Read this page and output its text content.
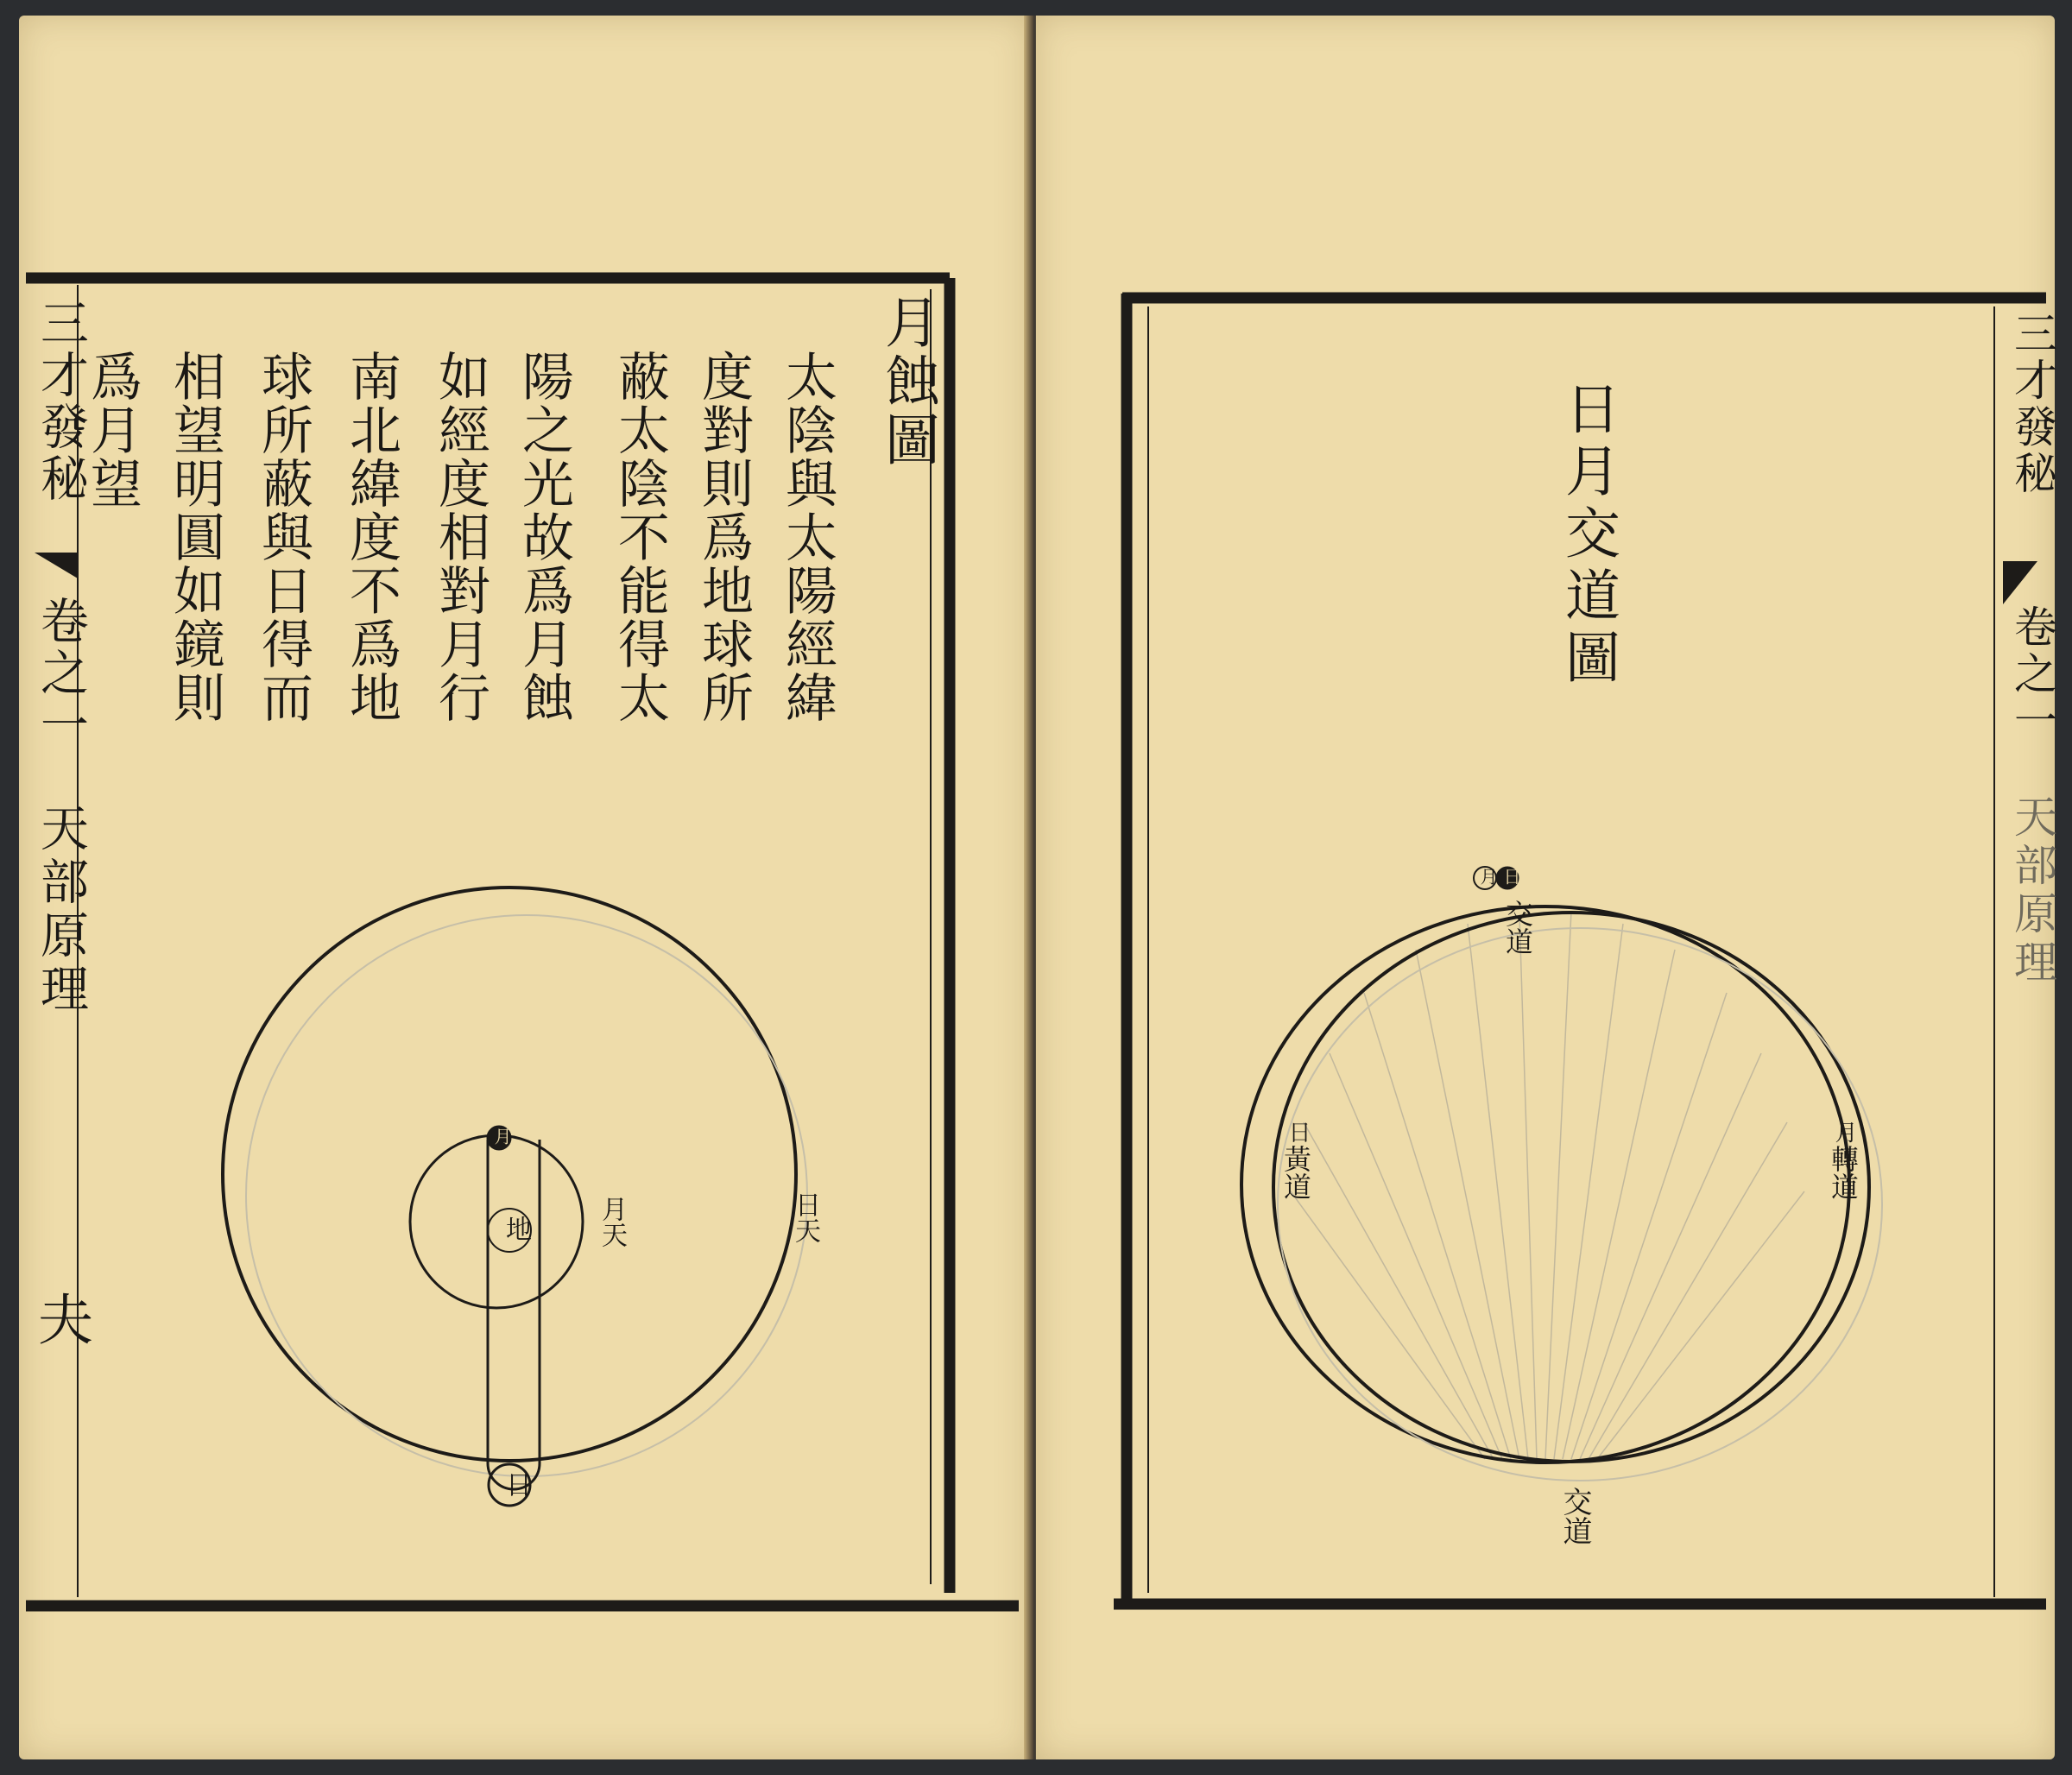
三才發秘
卷之一
天部原理
夫
月蝕圖
太陰與太陽經緯
度對則爲地球所
蔽太陰不能得太
陽之光故爲月蝕
如經度相對月行
南北緯度不爲地
球所蔽與日得而
相望明圓如鏡則
爲月望
月
地
日
月天	日天
三才發秘
卷之一
天部原理
日月交道圖
月 日
交道
交道
日
黃道
月
轉道
